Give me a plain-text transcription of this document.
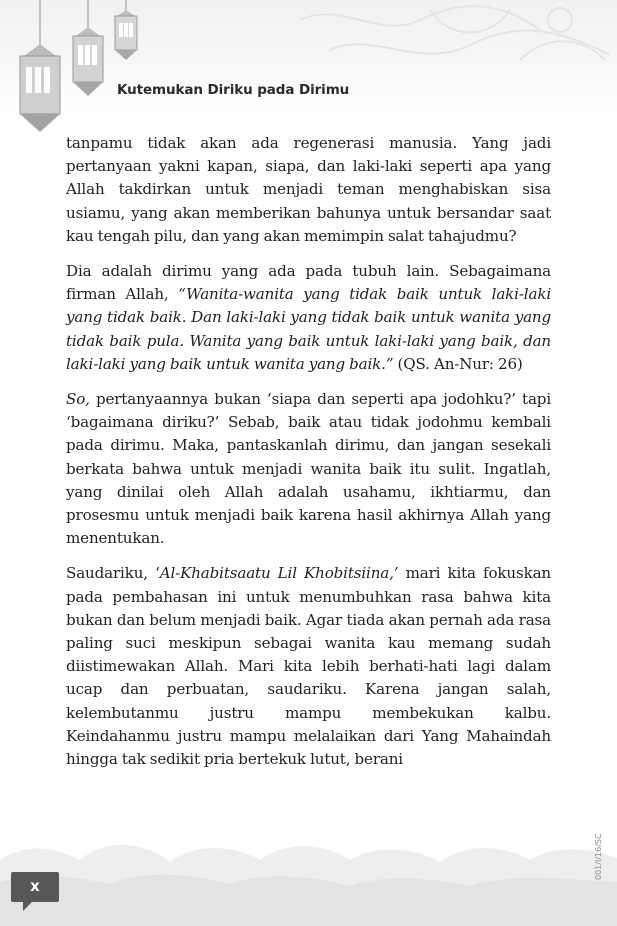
Kutemukan Diriku pada Dirimu

tanpamu tidak akan ada regenerasi manusia. Yang jadi pertanyaan yakni kapan, siapa, dan laki-laki seperti apa yang Allah takdirkan untuk menjadi teman menghabiskan sisa usiamu, yang akan memberikan bahunya untuk bersandar saat kau tengah pilu, dan yang akan memimpin salat tahajudmu?

Dia adalah dirimu yang ada pada tubuh lain. Sebagaimana firman Allah, “Wanita-wanita yang tidak baik untuk laki-laki yang tidak baik. Dan laki-laki yang tidak baik untuk wanita yang tidak baik pula. Wanita yang baik untuk laki-laki yang baik, dan laki-laki yang baik untuk wanita yang baik.” (QS. An-Nur: 26)

So, pertanyaannya bukan ‘siapa dan seperti apa jodohku?’ tapi ‘bagaimana diriku?’ Sebab, baik atau tidak jodohmu kembali pada dirimu. Maka, pantaskanlah dirimu, dan jangan sesekali berkata bahwa untuk menjadi wanita baik itu sulit. Ingatlah, yang dinilai oleh Allah adalah usahamu, ikhtiarmu, dan prosesmu untuk menjadi baik karena hasil akhirnya Allah yang menentukan.

Saudariku, ‘Al-Khabitsaatu Lil Khobitsiina,’ mari kita fokuskan pada pembahasan ini untuk menumbuhkan rasa bahwa kita bukan dan belum menjadi baik. Agar tiada akan pernah ada rasa paling suci meskipun sebagai wanita kau memang sudah diistimewakan Allah. Mari kita lebih berhati-hati lagi dalam ucap dan perbuatan, saudariku. Karena jangan salah, kelembutanmu justru mampu membekukan kalbu. Keindahanmu justru mampu melalaikan dari Yang Mahaindah hingga tak sedikit pria bertekuk lutut, berani

x
001/I/16/SC
